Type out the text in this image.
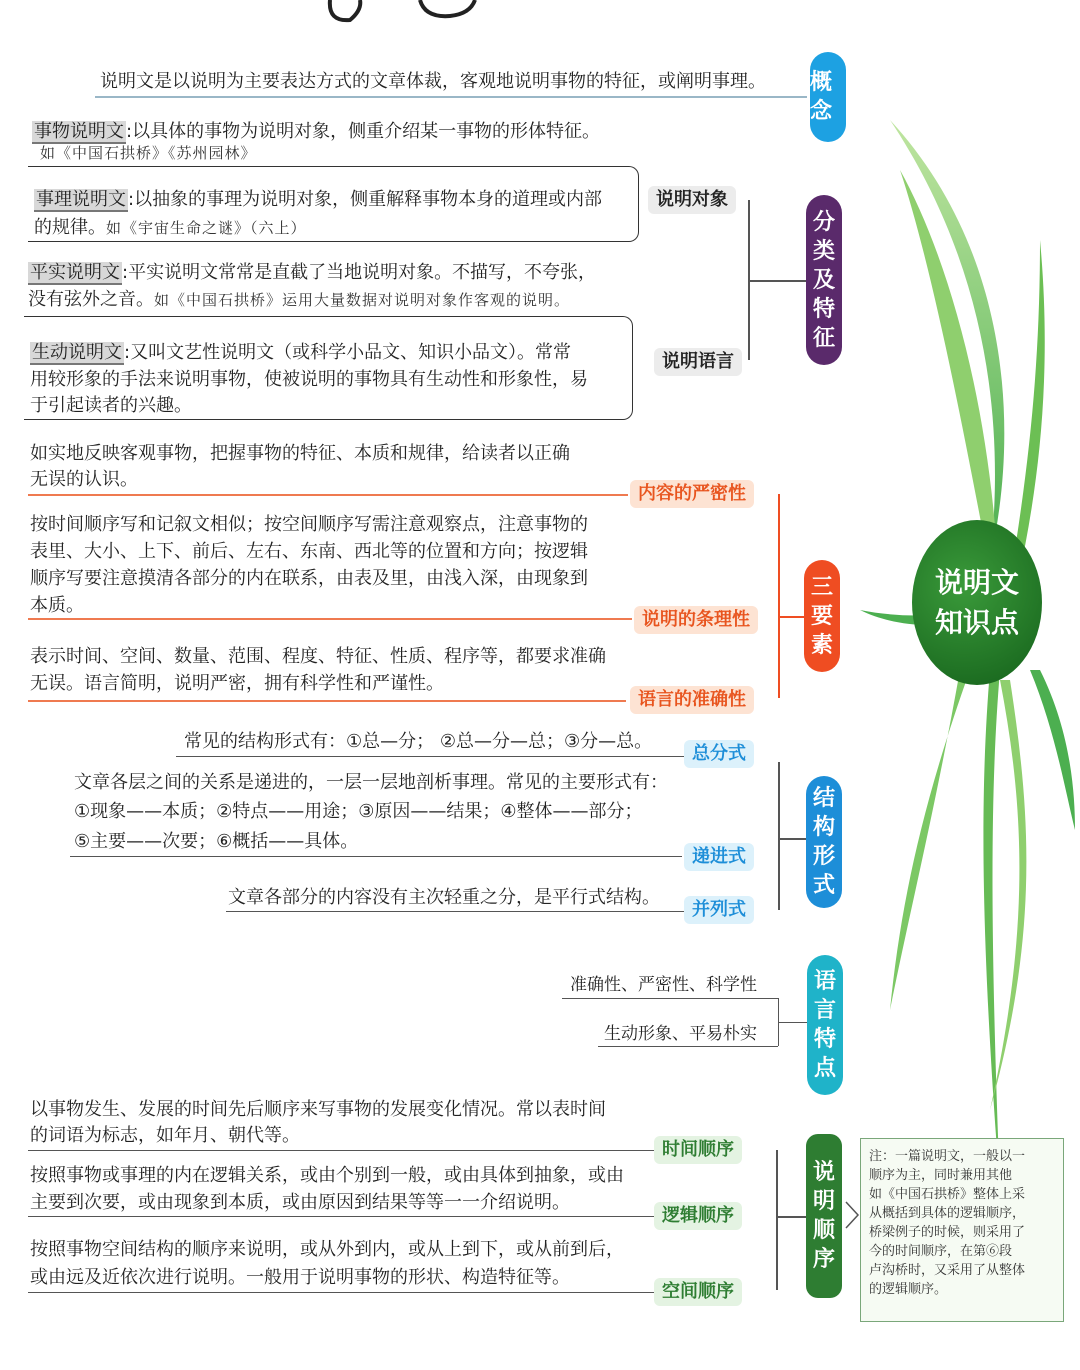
说明文
知识点
概念
说明文是以说明为主要表达方式的文章体裁，客观地说明事物的特征，或阐明事理。
分类及特征
说明对象
说明语言
事物说明文 :以具体的事物为说明对象，侧重介绍某一事物的形体特征。
如《中国石拱桥》《苏州园林》
事理说明文 :以抽象的事理为说明对象，侧重解释事物本身的道理或内部
的规律。如《宇宙生命之谜》（六上）
平实说明文 :平实说明文常常是直截了当地说明对象。不描写，不夸张，
没有弦外之音。如《中国石拱桥》运用大量数据对说明对象作客观的说明。
生动说明文 :又叫文艺性说明文（或科学小品文、知识小品文）。常常
用较形象的手法来说明事物，使被说明的事物具有生动性和形象性，易
于引起读者的兴趣。
三要素
如实地反映客观事物，把握事物的特征、本质和规律，给读者以正确
无误的认识。
内容的严密性
按时间顺序写和记叙文相似；按空间顺序写需注意观察点，注意事物的
表里、大小、上下、前后、左右、东南、西北等的位置和方向；按逻辑
顺序写要注意摸清各部分的内在联系，由表及里，由浅入深，由现象到
本质。
说明的条理性
表示时间、空间、数量、范围、程度、特征、性质、程序等，都要求准确
无误。语言简明，说明严密，拥有科学性和严谨性。
语言的准确性
结构形式
常见的结构形式有：①总—分； ②总—分—总；③分—总。
总分式
文章各层之间的关系是递进的，一层一层地剖析事理。常见的主要形式有：
①现象——本质；②特点——用途；③原因——结果；④整体——部分；
⑤主要——次要；⑥概括——具体。
递进式
文章各部分的内容没有主次轻重之分，是平行式结构。
并列式
语言特点
准确性、严密性、科学性
生动形象、平易朴实
说明顺序
以事物发生、发展的时间先后顺序来写事物的发展变化情况。常以表时间
的词语为标志，如年月、朝代等。
时间顺序
按照事物或事理的内在逻辑关系，或由个别到一般，或由具体到抽象，或由
主要到次要，或由现象到本质，或由原因到结果等等一一介绍说明。
逻辑顺序
按照事物空间结构的顺序来说明，或从外到内，或从上到下，或从前到后，
或由远及近依次进行说明。一般用于说明事物的形状、构造特征等。
空间顺序
注：一篇说明文，一般以一
顺序为主，同时兼用其他
如《中国石拱桥》整体上采
从概括到具体的逻辑顺序，
桥梁例子的时候，则采用了
今的时间顺序，在第⑥段
卢沟桥时，又采用了从整体
的逻辑顺序。
